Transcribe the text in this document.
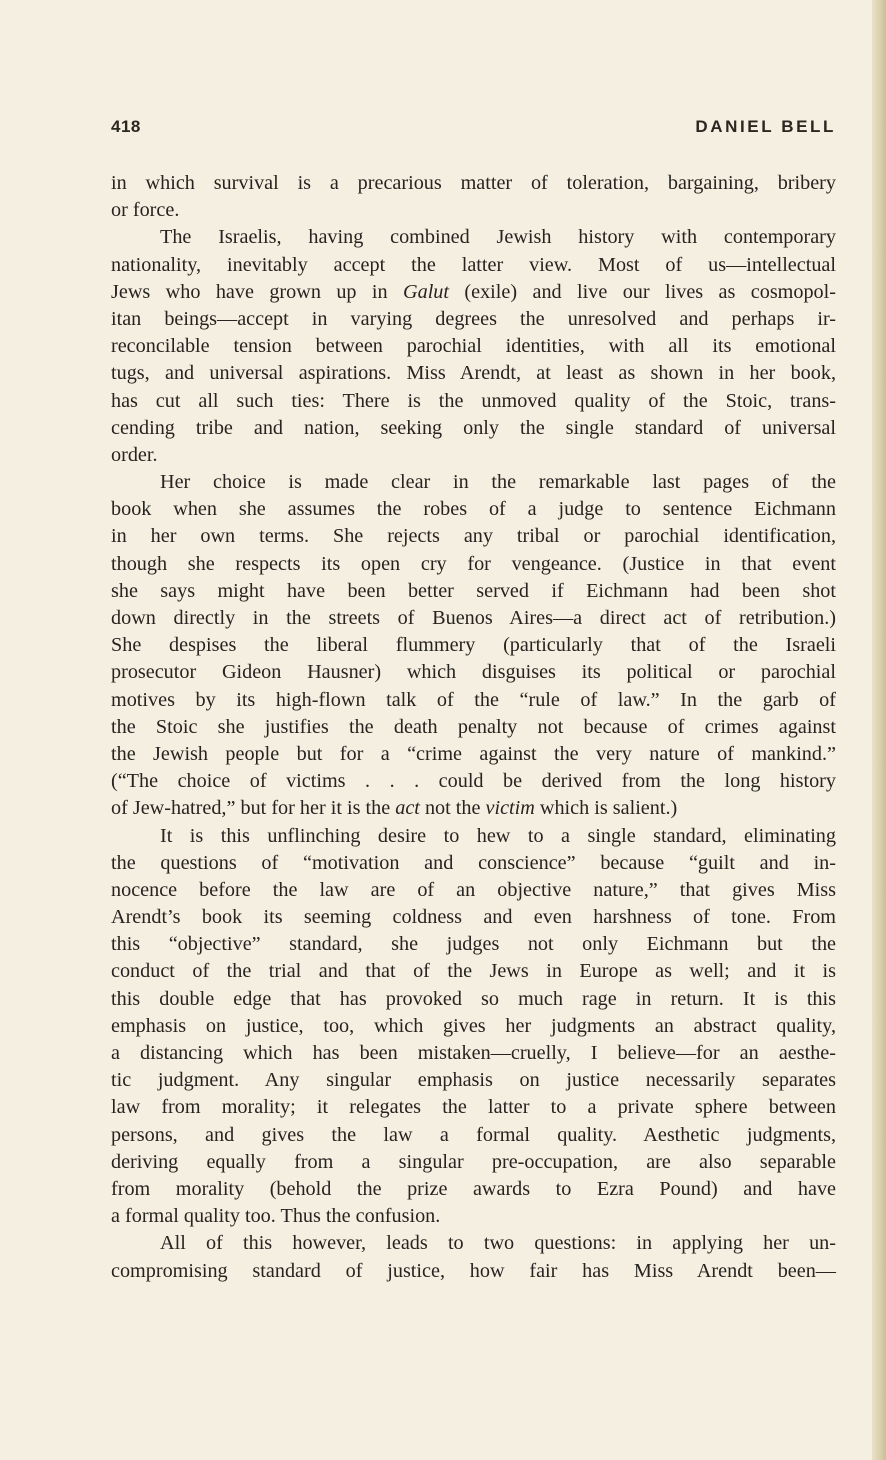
418	DANIEL BELL
in which survival is a precarious matter of toleration, bargaining, bribery
or force.
The Israelis, having combined Jewish history with contemporary
nationality, inevitably accept the latter view. Most of us—intellectual
Jews who have grown up in Galut (exile) and live our lives as cosmopol-
itan beings—accept in varying degrees the unresolved and perhaps ir-
reconcilable tension between parochial identities, with all its emotional
tugs, and universal aspirations. Miss Arendt, at least as shown in her book,
has cut all such ties: There is the unmoved quality of the Stoic, trans-
cending tribe and nation, seeking only the single standard of universal
order.
Her choice is made clear in the remarkable last pages of the
book when she assumes the robes of a judge to sentence Eichmann
in her own terms. She rejects any tribal or parochial identification,
though she respects its open cry for vengeance. (Justice in that event
she says might have been better served if Eichmann had been shot
down directly in the streets of Buenos Aires—a direct act of retribution.)
She despises the liberal flummery (particularly that of the Israeli
prosecutor Gideon Hausner) which disguises its political or parochial
motives by its high-flown talk of the “rule of law.” In the garb of
the Stoic she justifies the death penalty not because of crimes against
the Jewish people but for a “crime against the very nature of mankind.”
(“The choice of victims . . . could be derived from the long history
of Jew-hatred,” but for her it is the act not the victim which is salient.)
It is this unflinching desire to hew to a single standard, eliminating
the questions of “motivation and conscience” because “guilt and in-
nocence before the law are of an objective nature,” that gives Miss
Arendt’s book its seeming coldness and even harshness of tone. From
this “objective” standard, she judges not only Eichmann but the
conduct of the trial and that of the Jews in Europe as well; and it is
this double edge that has provoked so much rage in return. It is this
emphasis on justice, too, which gives her judgments an abstract quality,
a distancing which has been mistaken—cruelly, I believe—for an aesthe-
tic judgment. Any singular emphasis on justice necessarily separates
law from morality; it relegates the latter to a private sphere between
persons, and gives the law a formal quality. Aesthetic judgments,
deriving equally from a singular pre-occupation, are also separable
from morality (behold the prize awards to Ezra Pound) and have
a formal quality too. Thus the confusion.
All of this however, leads to two questions: in applying her un-
compromising standard of justice, how fair has Miss Arendt been—
